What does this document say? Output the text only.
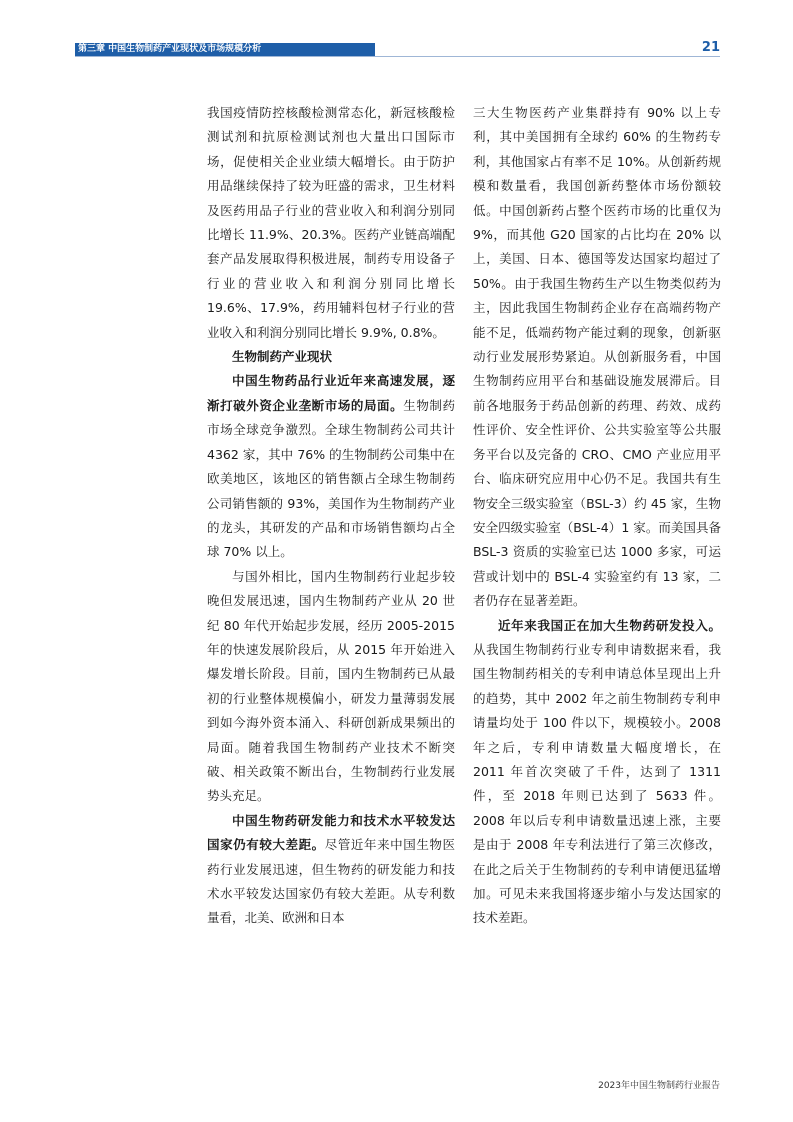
第三章 中国生物制药产业现状及市场规模分析	21

我国疫情防控核酸检测常态化，新冠核酸检测试剂和抗原检测试剂也大量出口国际市场，促使相关企业业绩大幅增长。由于防护用品继续保持了较为旺盛的需求，卫生材料及医药用品子行业的营业收入和利润分别同比增长 11.9%、20.3%。医药产业链高端配套产品发展取得积极进展，制药专用设备子行业的营业收入和利润分别同比增长 19.6%、17.9%，药用辅料包材子行业的营业收入和利润分别同比增长 9.9%, 0.8%。

生物制药产业现状

中国生物药品行业近年来高速发展，逐渐打破外资企业垄断市场的局面。生物制药市场全球竞争激烈。全球生物制药公司共计 4362 家，其中 76% 的生物制药公司集中在欧美地区，该地区的销售额占全球生物制药公司销售额的 93%，美国作为生物制药产业的龙头，其研发的产品和市场销售额均占全球 70% 以上。

与国外相比，国内生物制药行业起步较晚但发展迅速，国内生物制药产业从 20 世纪 80 年代开始起步发展，经历 2005-2015 年的快速发展阶段后，从 2015 年开始进入爆发增长阶段。目前，国内生物制药已从最初的行业整体规模偏小，研发力量薄弱发展到如今海外资本涌入、科研创新成果频出的局面。随着我国生物制药产业技术不断突破、相关政策不断出台，生物制药行业发展势头充足。

中国生物药研发能力和技术水平较发达国家仍有较大差距。尽管近年来中国生物医药行业发展迅速，但生物药的研发能力和技术水平较发达国家仍有较大差距。从专利数量看，北美、欧洲和日本

三大生物医药产业集群持有 90% 以上专利，其中美国拥有全球约 60% 的生物药专利，其他国家占有率不足 10%。从创新药规模和数量看，我国创新药整体市场份额较低。中国创新药占整个医药市场的比重仅为 9%，而其他 G20 国家的占比均在 20% 以上，美国、日本、德国等发达国家均超过了 50%。由于我国生物药生产以生物类似药为主，因此我国生物制药企业存在高端药物产能不足，低端药物产能过剩的现象，创新驱动行业发展形势紧迫。从创新服务看，中国生物制药应用平台和基础设施发展滞后。目前各地服务于药品创新的药理、药效、成药性评价、安全性评价、公共实验室等公共服务平台以及完备的 CRO、CMO 产业应用平台、临床研究应用中心仍不足。我国共有生物安全三级实验室（BSL-3）约 45 家，生物安全四级实验室（BSL-4）1 家。而美国具备 BSL-3 资质的实验室已达 1000 多家，可运营或计划中的 BSL-4 实验室约有 13 家，二者仍存在显著差距。

近年来我国正在加大生物药研发投入。从我国生物制药行业专利申请数据来看，我国生物制药相关的专利申请总体呈现出上升的趋势，其中 2002 年之前生物制药专利申请量均处于 100 件以下，规模较小。2008 年之后，专利申请数量大幅度增长，在 2011 年首次突破了千件，达到了 1311 件，至 2018 年则已达到了 5633 件。2008 年以后专利申请数量迅速上涨，主要是由于 2008 年专利法进行了第三次修改，在此之后关于生物制药的专利申请便迅猛增加。可见未来我国将逐步缩小与发达国家的技术差距。

2023年中国生物制药行业报告
